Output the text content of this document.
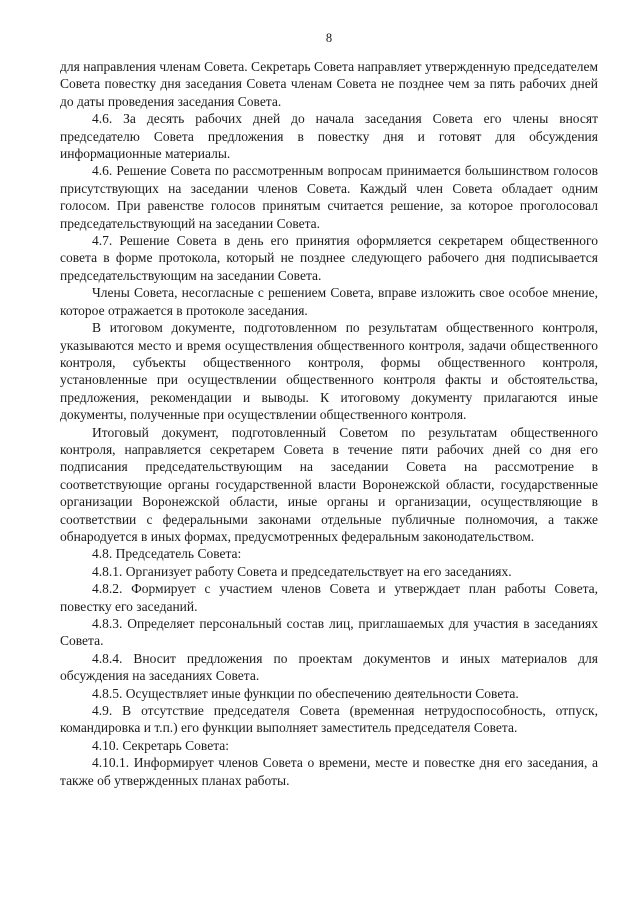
8

для направления членам Совета. Секретарь Совета направляет утвержденную председателем Совета повестку дня заседания Совета членам Совета не позднее чем за пять рабочих дней до даты проведения заседания Совета.

4.6. За десять рабочих дней до начала заседания Совета его члены вносят председателю Совета предложения в повестку дня и готовят для обсуждения информационные материалы.

4.6. Решение Совета по рассмотренным вопросам принимается большинством голосов присутствующих на заседании членов Совета. Каждый член Совета обладает одним голосом. При равенстве голосов принятым считается решение, за которое проголосовал председательствующий на заседании Совета.

4.7. Решение Совета в день его принятия оформляется секретарем общественного совета в форме протокола, который не позднее следующего рабочего дня подписывается председательствующим на заседании Совета.

Члены Совета, несогласные с решением Совета, вправе изложить свое особое мнение, которое отражается в протоколе заседания.

В итоговом документе, подготовленном по результатам общественного контроля, указываются место и время осуществления общественного контроля, задачи общественного контроля, субъекты общественного контроля, формы общественного контроля, установленные при осуществлении общественного контроля факты и обстоятельства, предложения, рекомендации и выводы. К итоговому документу прилагаются иные документы, полученные при осуществлении общественного контроля.

Итоговый документ, подготовленный Советом по результатам общественного контроля, направляется секретарем Совета в течение пяти рабочих дней со дня его подписания председательствующим на заседании Совета на рассмотрение в соответствующие органы государственной власти Воронежской области, государственные организации Воронежской области, иные органы и организации, осуществляющие в соответствии с федеральными законами отдельные публичные полномочия, а также обнародуется в иных формах, предусмотренных федеральным законодательством.

4.8. Председатель Совета:

4.8.1. Организует работу Совета и председательствует на его заседаниях.

4.8.2. Формирует с участием членов Совета и утверждает план работы Совета, повестку его заседаний.

4.8.3. Определяет персональный состав лиц, приглашаемых для участия в заседаниях Совета.

4.8.4. Вносит предложения по проектам документов и иных материалов для обсуждения на заседаниях Совета.

4.8.5. Осуществляет иные функции по обеспечению деятельности Совета.

4.9. В отсутствие председателя Совета (временная нетрудоспособность, отпуск, командировка и т.п.) его функции выполняет заместитель председателя Совета.

4.10. Секретарь Совета:

4.10.1. Информирует членов Совета о времени, месте и повестке дня его заседания, а также об утвержденных планах работы.
